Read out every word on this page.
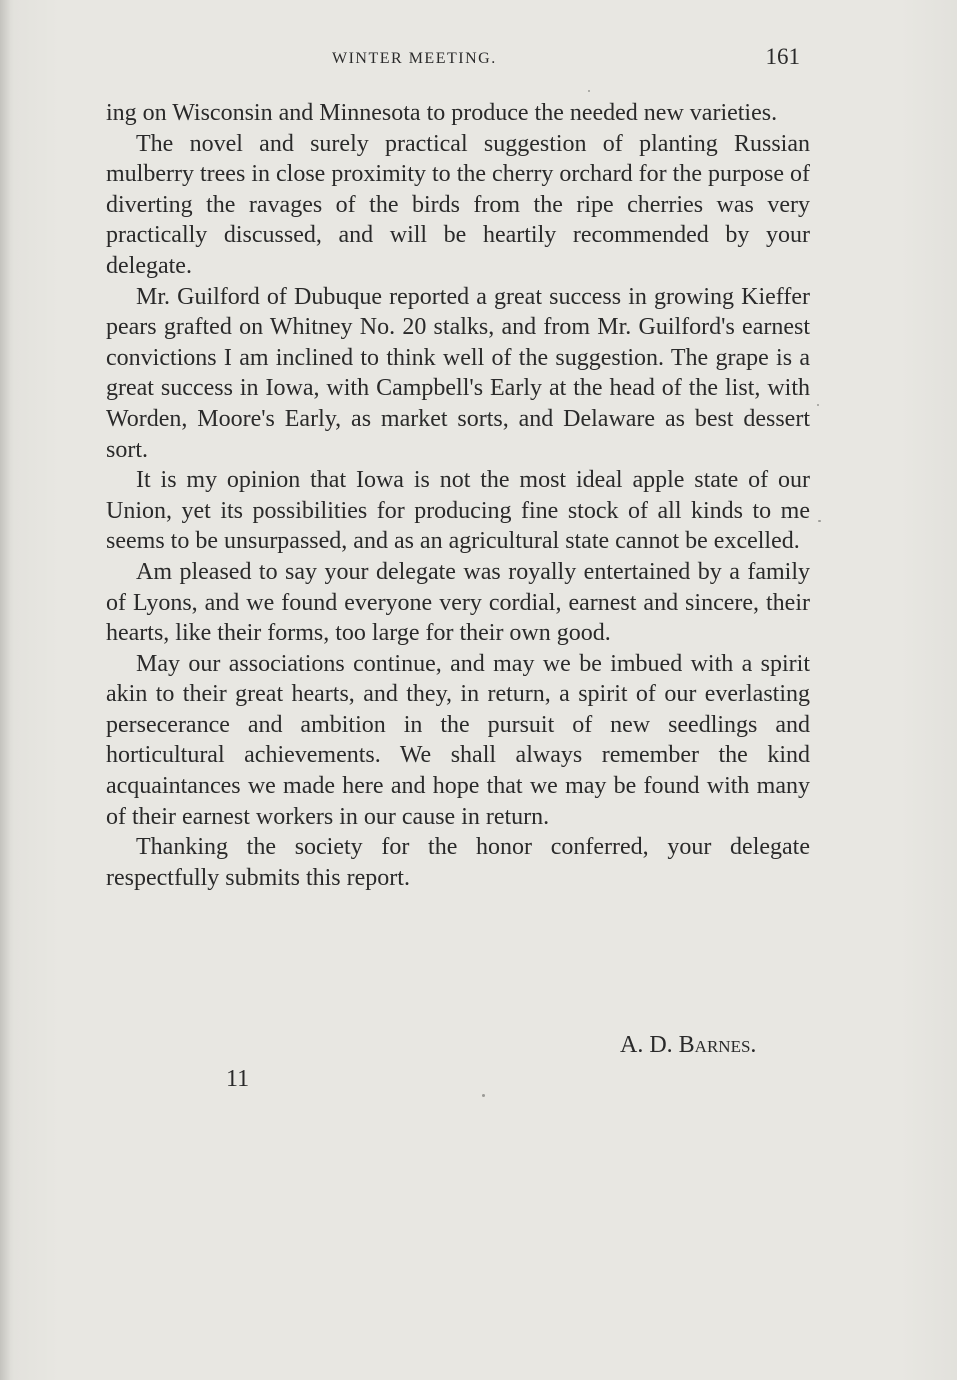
WINTER MEETING.	161

ing on Wisconsin and Minnesota to produce the needed new varieties.

The novel and surely practical suggestion of planting Russian mulberry trees in close proximity to the cherry orchard for the purpose of diverting the ravages of the birds from the ripe cherries was very practically discussed, and will be heartily recommended by your delegate.

Mr. Guilford of Dubuque reported a great success in growing Kieffer pears grafted on Whitney No. 20 stalks, and from Mr. Guilford's earnest convictions I am inclined to think well of the suggestion. The grape is a great success in Iowa, with Campbell's Early at the head of the list, with Worden, Moore's Early, as market sorts, and Delaware as best dessert sort.

It is my opinion that Iowa is not the most ideal apple state of our Union, yet its possibilities for producing fine stock of all kinds to me seems to be unsurpassed, and as an agricultural state cannot be excelled.

Am pleased to say your delegate was royally entertained by a family of Lyons, and we found everyone very cordial, earnest and sincere, their hearts, like their forms, too large for their own good.

May our associations continue, and may we be imbued with a spirit akin to their great hearts, and they, in return, a spirit of our everlasting persecerance and ambition in the pursuit of new seedlings and horticultural achievements. We shall always remember the kind acquaintances we made here and hope that we may be found with many of their earnest workers in our cause in return.

Thanking the society for the honor conferred, your delegate respectfully submits this report.

A. D. Barnes.
11
